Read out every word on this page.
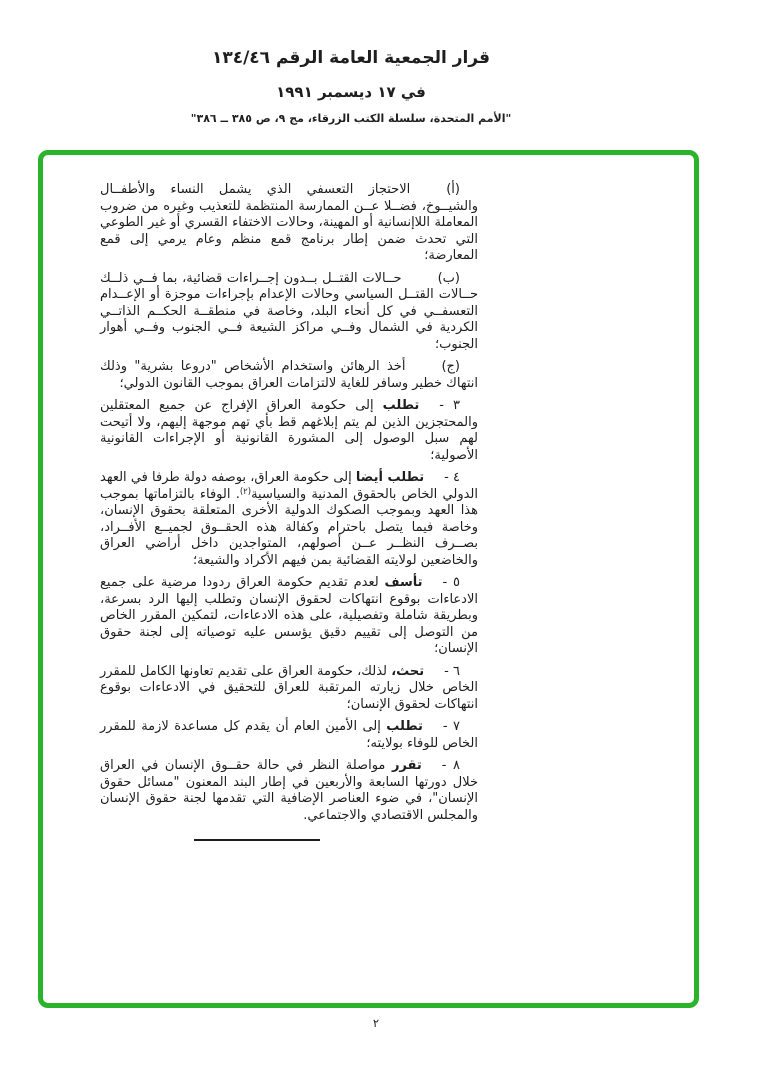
قرار الجمعية العامة الرقم ١٣٤/٤٦

في ١٧ ديسمبر ١٩٩١

"الأمم المتحدة، سلسلة الكتب الزرقاء، مج ٩، ص ٣٨٥ ــ ٣٨٦"

(أ)الاحتجاز التعسفي الذي يشمل النساء والأطفــال والشيــوخ، فضــلا عــن الممارسة المنتظمة للتعذيب وغيره من ضروب المعاملة اللاإنسانية أو المهينة، وحالات الاختفاء القسري أو غير الطوعي التي تحدث ضمن إطار برنامج قمع منظم وعام يرمي إلى قمع المعارضة؛

(ب)حــالات القتــل بــدون إجــراءات قضائية، بما فــي ذلــك حــالات القتــل السياسي وحالات الإعدام بإجراءات موجزة أو الإعــدام التعسفــي في كل أنحاء البلد، وخاصة في منطقــة الحكــم الذاتــي الكردية في الشمال وفــي مراكز الشيعة فــي الجنوب وفــي أهوار الجنوب؛

(ج)أخذ الرهائن واستخدام الأشخاص "دروعا بشرية" وذلك انتهاك خطير وسافر للغاية لالتزامات العراق بموجب القانون الدولي؛

٣ -تطلب إلى حكومة العراق الإفراج عن جميع المعتقلين والمحتجزين الذين لم يتم إبلاغهم قط بأي تهم موجهة إليهم، ولا أتيحت لهم سبل الوصول إلى المشورة القانونية أو الإجراءات القانونية الأصولية؛

٤ -تطلب أيضا إلى حكومة العراق، بوصفه دولة طرفا في العهد الدولي الخاص بالحقوق المدنية والسياسية$^{(٢)}$. الوفاء بالتزاماتها بموجب هذا العهد وبموجب الصكوك الدولية الأخرى المتعلقة بحقوق الإنسان، وخاصة فيما يتصل باحترام وكفالة هذه الحقــوق لجميــع الأفــراد، بصــرف النظــر عــن أصولهم، المتواجدين داخل أراضي العراق والخاضعين لولايته القضائية بمن فيهم الأكراد والشيعة؛

٥ -تأسف لعدم تقديم حكومة العراق ردودا مرضية على جميع الادعاءات بوقوع انتهاكات لحقوق الإنسان وتطلب إليها الرد بسرعة، وبطريقة شاملة وتفصيلية، على هذه الادعاءات، لتمكين المقرر الخاص من التوصل إلى تقييم دقيق يؤسس عليه توصياته إلى لجنة حقوق الإنسان؛

٦ -تحث، لذلك، حكومة العراق على تقديم تعاونها الكامل للمقرر الخاص خلال زيارته المرتقبة للعراق للتحقيق في الادعاءات بوقوع انتهاكات لحقوق الإنسان؛

٧ -تطلب إلى الأمين العام أن يقدم كل مساعدة لازمة للمقرر الخاص للوفاء بولايته؛

٨ -تقرر مواصلة النظر في حالة حقــوق الإنسان في العراق خلال دورتها السابعة والأربعين في إطار البند المعنون "مسائل حقوق الإنسان"، في ضوء العناصر الإضافية التي تقدمها لجنة حقوق الإنسان والمجلس الاقتصادي والاجتماعي.

٢
